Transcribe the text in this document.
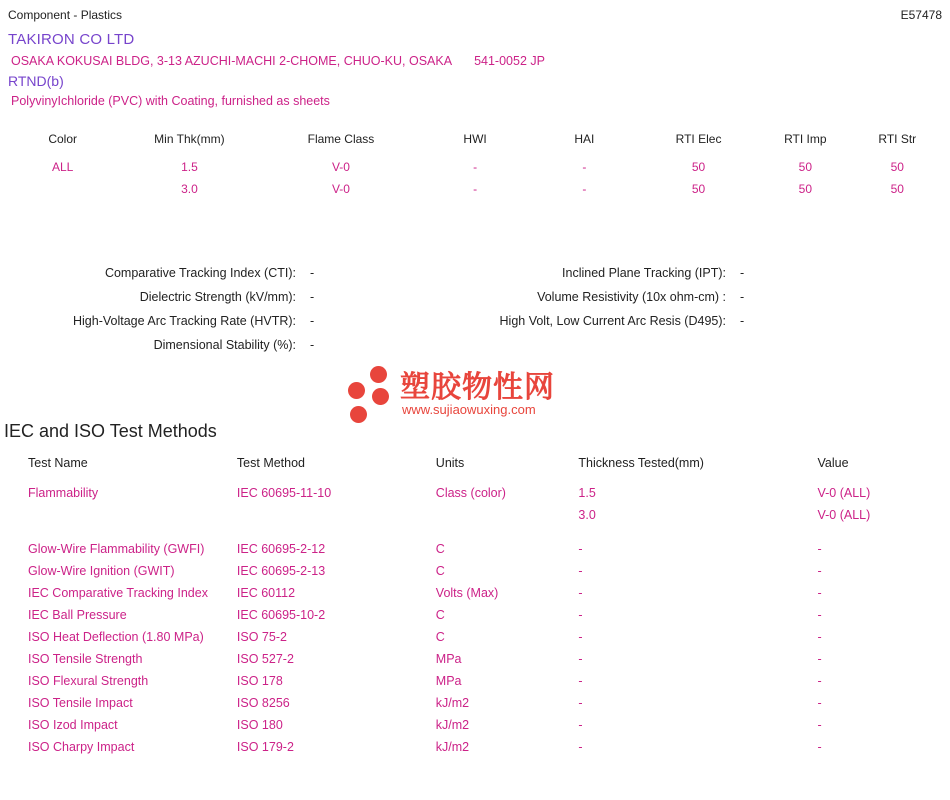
Component - Plastics	E57478
TAKIRON CO LTD
OSAKA KOKUSAI BLDG, 3-13 AZUCHI-MACHI 2-CHOME, CHUO-KU, OSAKA 541-0052 JP
RTND(b)
PolyvinyIchloride (PVC) with Coating, furnished as sheets
Color	Min Thk(mm)	Flame Class	HWI	HAI	RTI Elec	RTI Imp	RTI Str
ALL	1.5	V-0	-	-	50	50	50
	3.0	V-0	-	-	50	50	50
Comparative Tracking Index (CTI): -	Inclined Plane Tracking (IPT): -
Dielectric Strength (kV/mm): -	Volume Resistivity (10x ohm-cm) : -
High-Voltage Arc Tracking Rate (HVTR): -	High Volt, Low Current Arc Resis (D495): -
Dimensional Stability (%): -
塑胶物性网
www.sujiaowuxing.com
IEC and ISO Test Methods
Test Name	Test Method	Units	Thickness Tested(mm)	Value
Flammability	IEC 60695-11-10	Class (color)	1.5	V-0 (ALL)
			3.0	V-0 (ALL)

Glow-Wire Flammability (GWFI)	IEC 60695-2-12	C	-	-
Glow-Wire Ignition (GWIT)	IEC 60695-2-13	C	-	-
IEC Comparative Tracking Index	IEC 60112	Volts (Max)	-	-
IEC Ball Pressure	IEC 60695-10-2	C	-	-
ISO Heat Deflection (1.80 MPa)	ISO 75-2	C	-	-
ISO Tensile Strength	ISO 527-2	MPa	-	-
ISO Flexural Strength	ISO 178	MPa	-	-
ISO Tensile Impact	ISO 8256	kJ/m2	-	-
ISO Izod Impact	ISO 180	kJ/m2	-	-
ISO Charpy Impact	ISO 179-2	kJ/m2	-	-
